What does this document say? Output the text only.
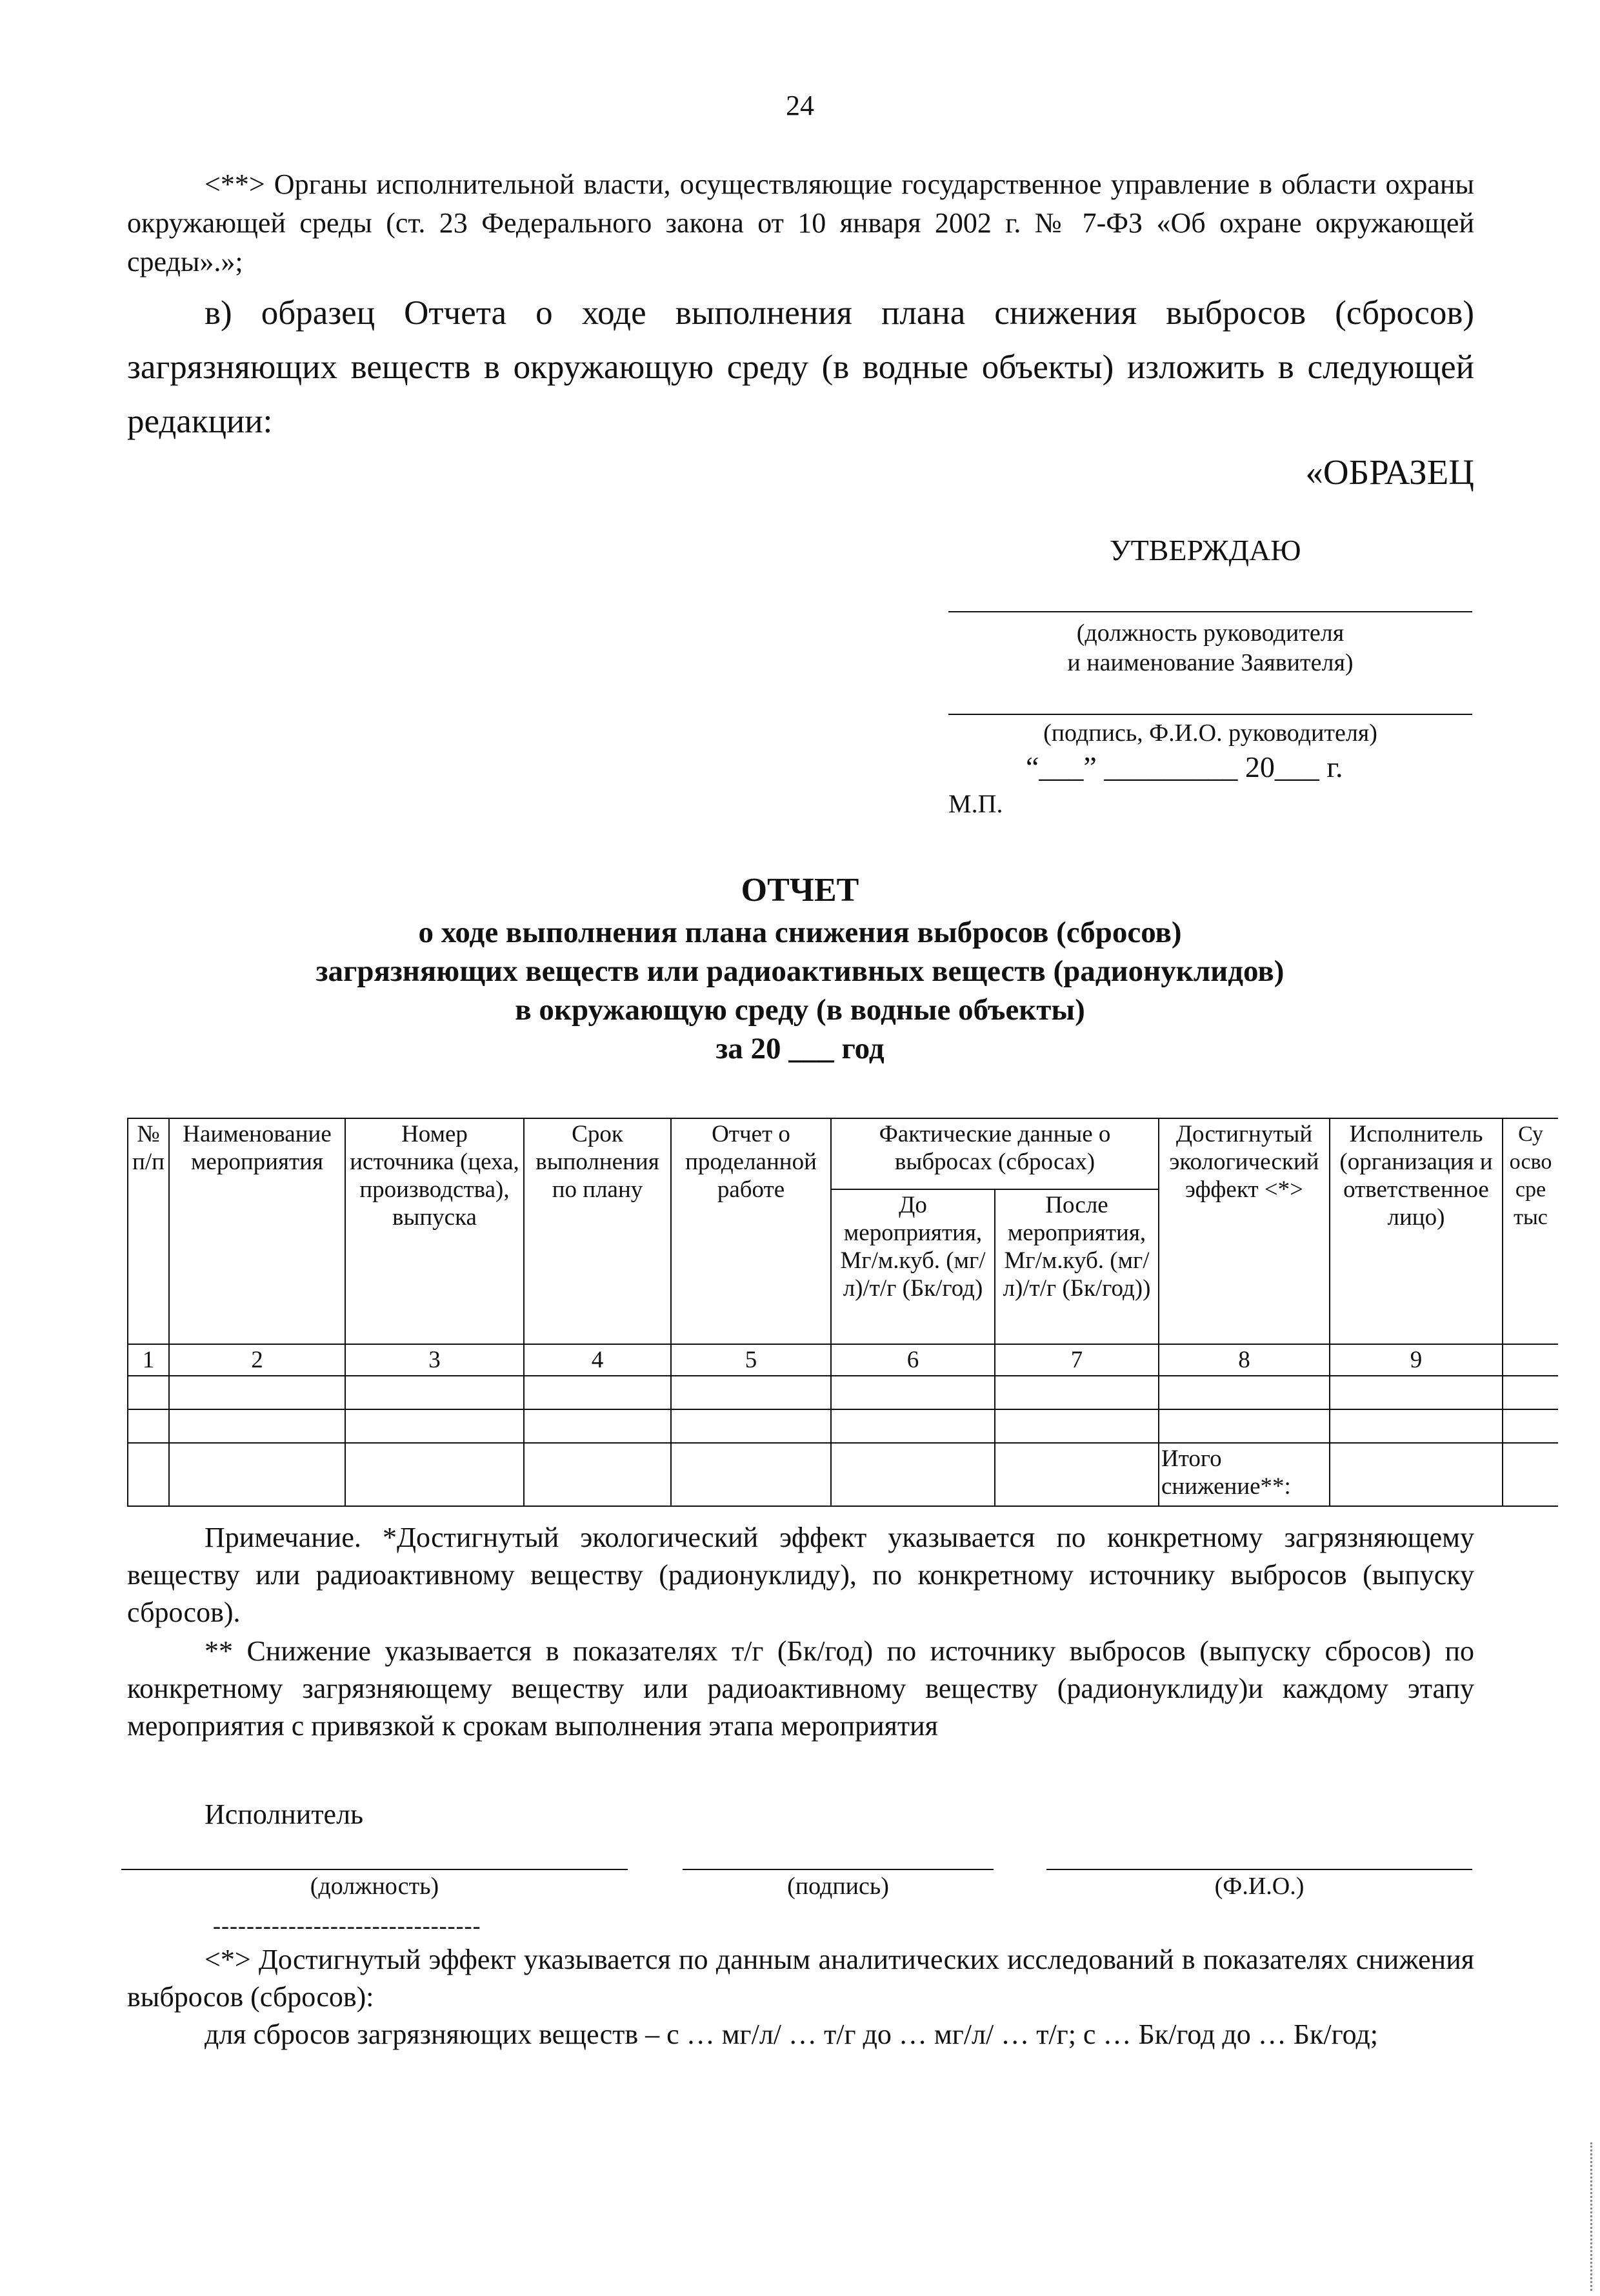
24
<**> Органы исполнительной власти, осуществляющие государственное управление в области охраны окружающей среды (ст. 23 Федерального закона от 10 января 2002 г. № 7-ФЗ «Об охране окружающей среды».»;
в) образец Отчета о ходе выполнения плана снижения выбросов (сбросов) загрязняющих веществ в окружающую среду (в водные объекты) изложить в следующей редакции:
«ОБРАЗЕЦ
УТВЕРЖДАЮ
(должность руководителя
и наименование Заявителя)
(подпись, Ф.И.О. руководителя)
“___” _________ 20___ г.
М.П.
ОТЧЕТ
о ходе выполнения плана снижения выбросов (сбросов)
загрязняющих веществ или радиоактивных веществ (радионуклидов)
в окружающую среду (в водные объекты)
за 20 ___ год
№ п/п	Наименование мероприятия	Номер источника (цеха, производства), выпуска	Срок выполнения по плану	Отчет о проделанной работе	Фактические данные о выбросах (сбросах)		Достигнутый экологический эффект <*>	Исполнитель (организация и ответственное лицо)	Су осво сре тыс
					До мероприятия, Мг/м.куб. (мг/л)/т/г (Бк/год)	После мероприятия, Мг/м.куб. (мг/л)/т/г (Бк/год))			
1	2	3	4	5	6	7	8	9	

							Итого снижение**:		
Примечание. *Достигнутый экологический эффект указывается по конкретному загрязняющему веществу или радиоактивному веществу (радионуклиду), по конкретному источнику выбросов (выпуску сбросов).
** Снижение указывается в показателях т/г (Бк/год) по источнику выбросов (выпуску сбросов) по конкретному загрязняющему веществу или радиоактивному веществу (радионуклиду)и каждому этапу мероприятия с привязкой к срокам выполнения этапа мероприятия
Исполнитель
(должность)	(подпись)	(Ф.И.О.)
--------------------------------
<*> Достигнутый эффект указывается по данным аналитических исследований в показателях снижения выбросов (сбросов):
для сбросов загрязняющих веществ – с … мг/л/ … т/г до … мг/л/ … т/г; с … Бк/год до … Бк/год;
